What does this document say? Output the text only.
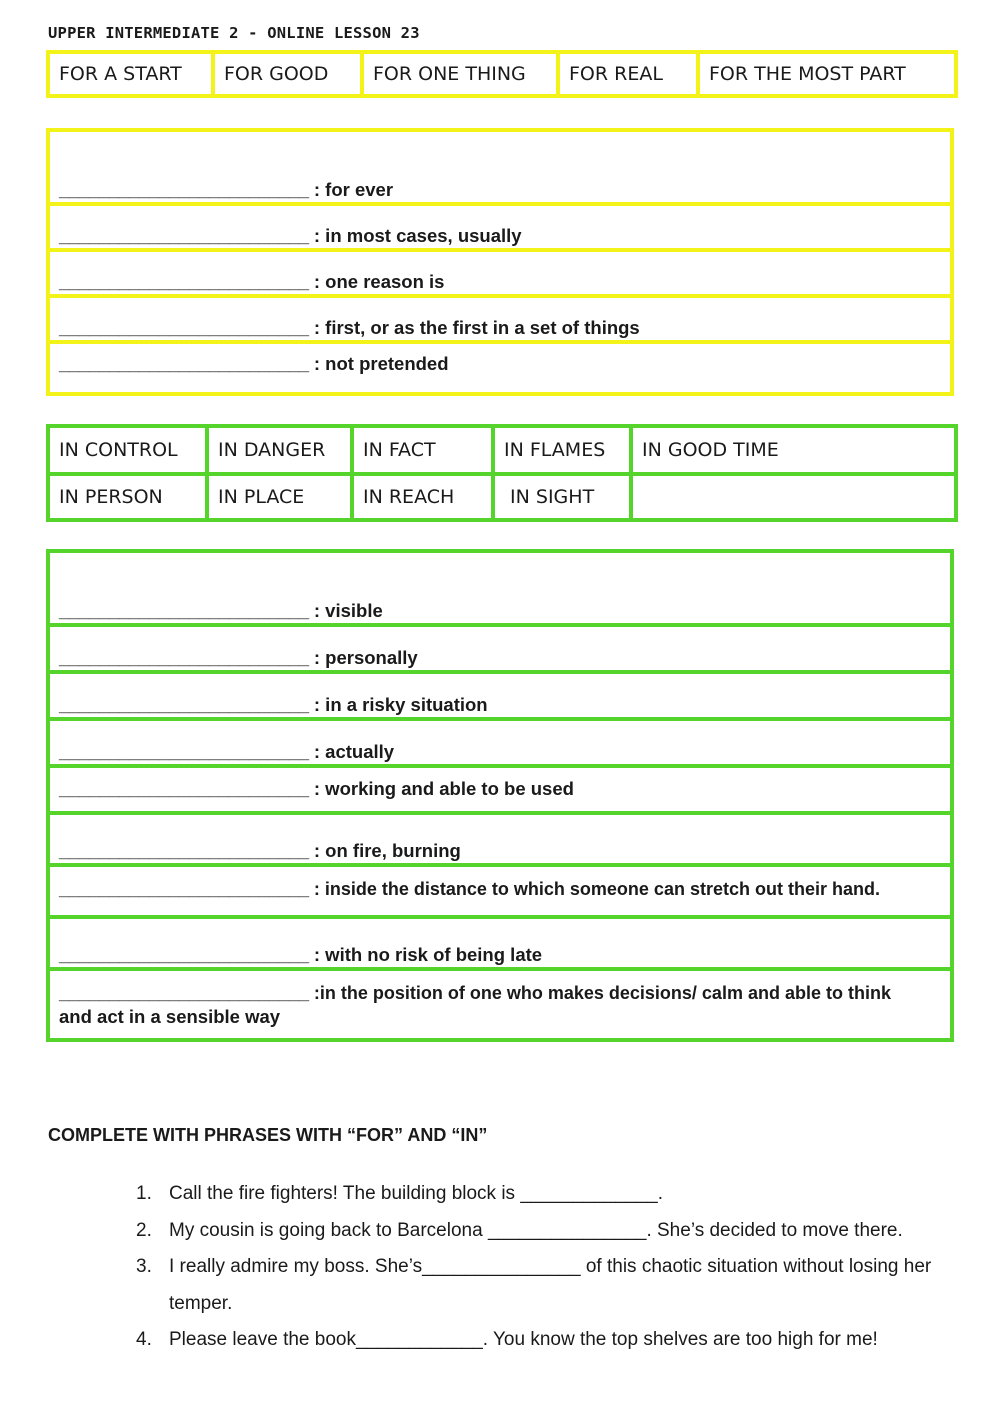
UPPER INTERMEDIATE 2 - ONLINE LESSON 23
FOR A START	FOR GOOD	FOR ONE THING	FOR REAL	FOR THE MOST PART
_________________________ : for ever
_________________________ : in most cases, usually
_________________________ : one reason is
_________________________ : first, or as the first in a set of things
_________________________ : not pretended
IN CONTROL	IN DANGER	IN FACT	IN FLAMES	IN GOOD TIME
IN PERSON	IN PLACE	IN REACH	IN SIGHT	
_________________________ : visible
_________________________ : personally
_________________________ : in a risky situation
_________________________ : actually
_________________________ : working and able to be used
_________________________ : on fire, burning
_________________________ : inside the distance to which someone can stretch out their hand.
_________________________ : with no risk of being late

_________________________ :in the position of one who makes decisions/ calm and able to think
and act in a sensible way
COMPLETE WITH PHRASES WITH “FOR” AND “IN”
1. Call the fire fighters! The building block is _____________.
2. My cousin is going back to Barcelona _______________. She’s decided to move there.
3. I really admire my boss. She’s_______________ of this chaotic situation without losing her temper.
4. Please leave the book____________. You know the top shelves are too high for me!
